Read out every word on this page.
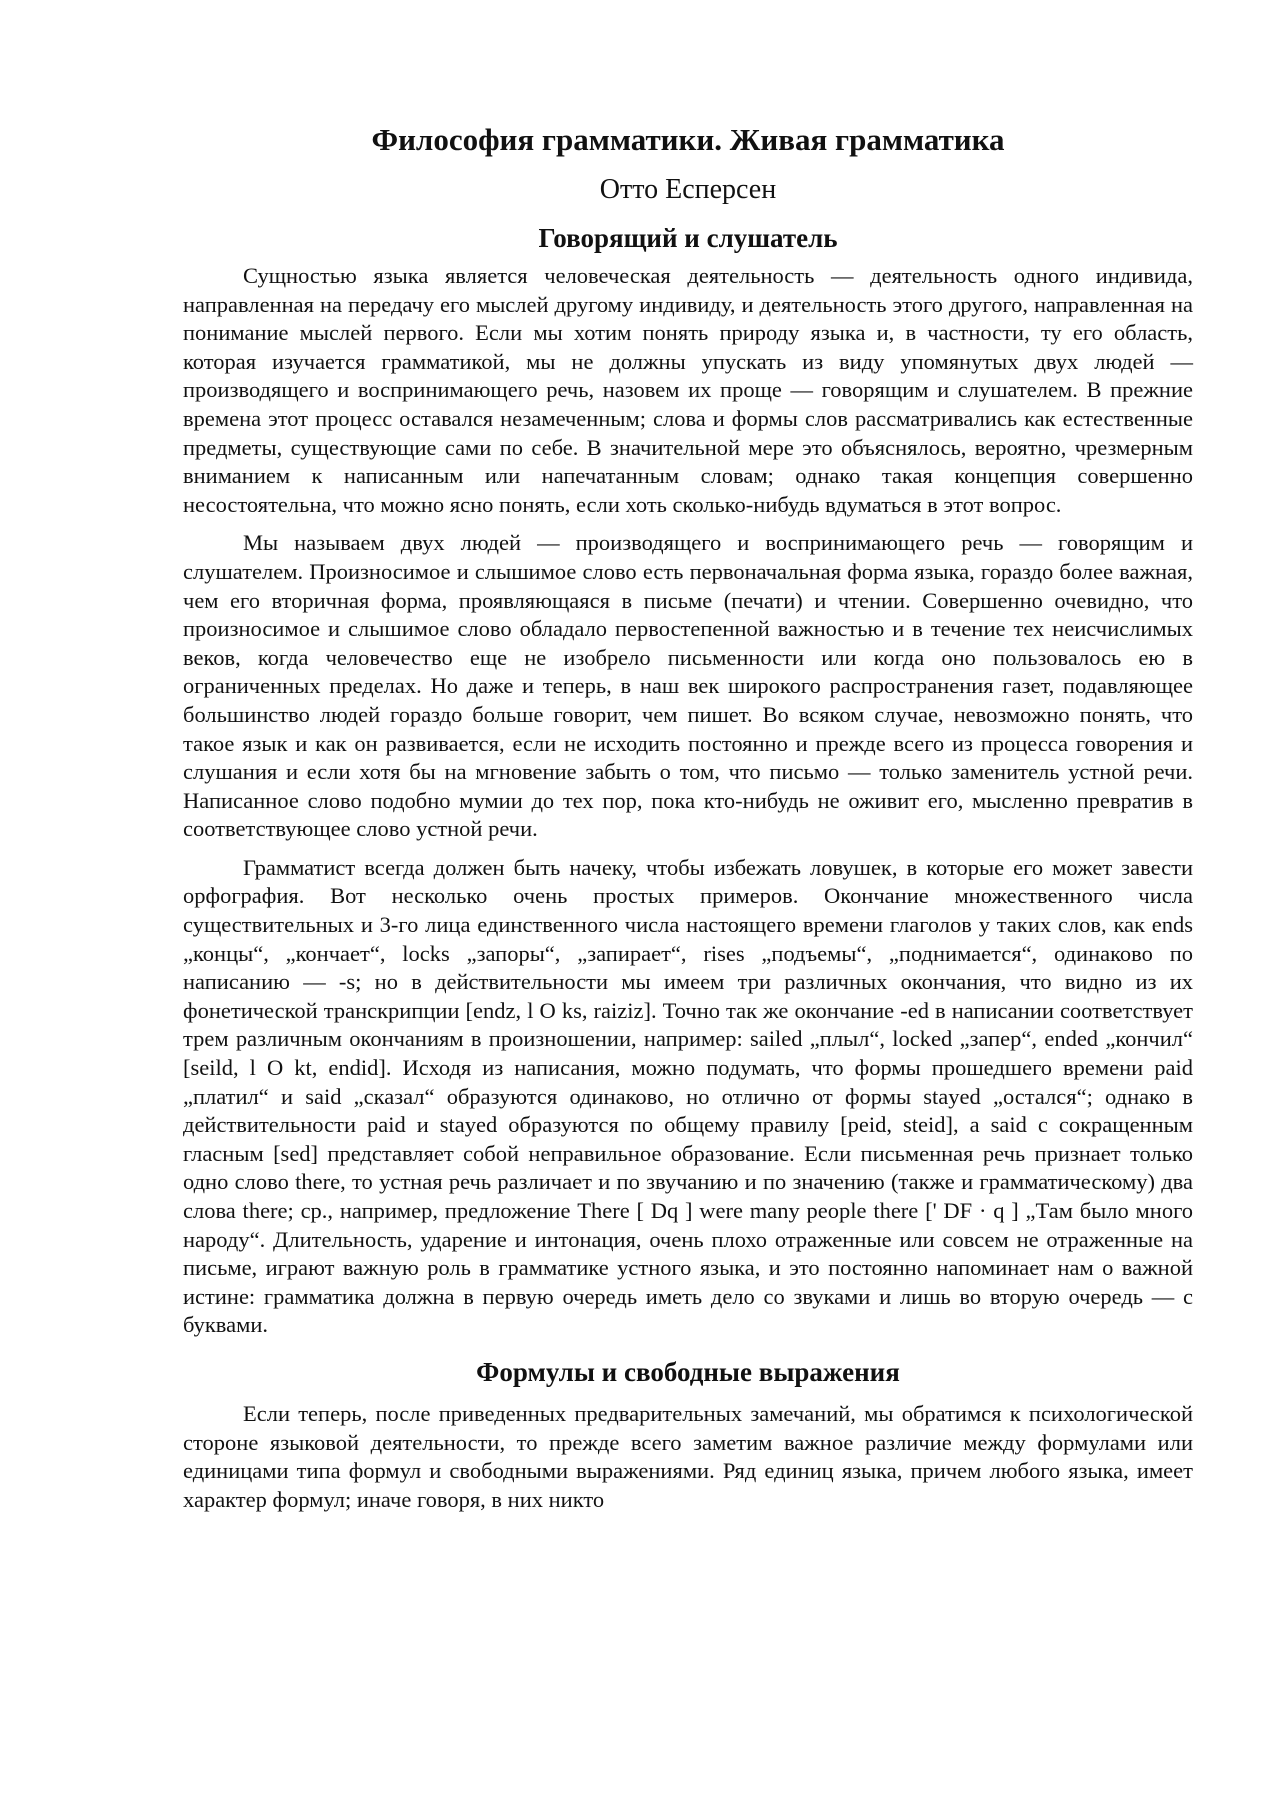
Философия грамматики. Живая грамматика
Отто Есперсен
Говорящий и слушатель

Сущностью языка является человеческая деятельность — деятельность одного индивида, направленная на передачу его мыслей другому индивиду, и деятельность этого другого, направленная на понимание мыслей первого. Если мы хотим понять природу языка и, в частности, ту его область, которая изучается грамматикой, мы не должны упускать из виду упомянутых двух людей — производящего и воспринимающего речь, назовем их проще — говорящим и слушателем. В прежние времена этот процесс оставался незамеченным; слова и формы слов рассматривались как естественные предметы, существующие сами по себе. В значительной мере это объяснялось, вероятно, чрезмерным вниманием к написанным или напечатанным словам; однако такая концепция совершенно несостоятельна, что можно ясно понять, если хоть сколько-нибудь вдуматься в этот вопрос.

Мы называем двух людей — производящего и воспринимающего речь — говорящим и слушателем. Произносимое и слышимое слово есть первоначальная форма языка, гораздо более важная, чем его вторичная форма, проявляющаяся в письме (печати) и чтении. Совершенно очевидно, что произносимое и слышимое слово обладало первостепенной важностью и в течение тех неисчислимых веков, когда человечество еще не изобрело письменности или когда оно пользовалось ею в ограниченных пределах. Но даже и теперь, в наш век широкого распространения газет, подавляющее большинство людей гораздо больше говорит, чем пишет. Во всяком случае, невозможно понять, что такое язык и как он развивается, если не исходить постоянно и прежде всего из процесса говорения и слушания и если хотя бы на мгновение забыть о том, что письмо — только заменитель устной речи. Написанное слово подобно мумии до тех пор, пока кто-нибудь не оживит его, мысленно превратив в соответствующее слово устной речи.

Грамматист всегда должен быть начеку, чтобы избежать ловушек, в которые его может завести орфография. Вот несколько очень простых примеров. Окончание множественного числа существительных и 3-го лица единственного числа настоящего времени глаголов у таких слов, как ends „концы“, „кончает“, locks „запоры“, „запирает“, rises „подъемы“, „поднимается“, одинаково по написанию — -s; но в действительности мы имеем три различных окончания, что видно из их фонетической транскрипции [endz, l O ks, raiziz]. Точно так же окончание -ed в написании соответствует трем различным окончаниям в произношении, например: sailed „плыл“, locked „запер“, ended „кончил“ [seild, l O kt, endid]. Исходя из написания, можно подумать, что формы прошедшего времени paid „платил“ и said „сказал“ образуются одинаково, но отлично от формы stayed „остался“; однако в действительности paid и stayed образуются по общему правилу [peid, steid], a said с сокращенным гласным [sed] представляет собой неправильное образование. Если письменная речь признает только одно слово there, то устная речь различает и по звучанию и по значению (также и грамматическому) два слова there; ср., например, предложение There [ Dq ] were many people there [' DF · q ] „Там было много народу“. Длительность, ударение и интонация, очень плохо отраженные или совсем не отраженные на письме, играют важную роль в грамматике устного языка, и это постоянно напоминает нам о важной истине: грамматика должна в первую очередь иметь дело со звуками и лишь во вторую очередь — с буквами.

Формулы и свободные выражения

Если теперь, после приведенных предварительных замечаний, мы обратимся к психологической стороне языковой деятельности, то прежде всего заметим важное различие между формулами или единицами типа формул и свободными выражениями. Ряд единиц языка, причем любого языка, имеет характер формул; иначе говоря, в них никто
